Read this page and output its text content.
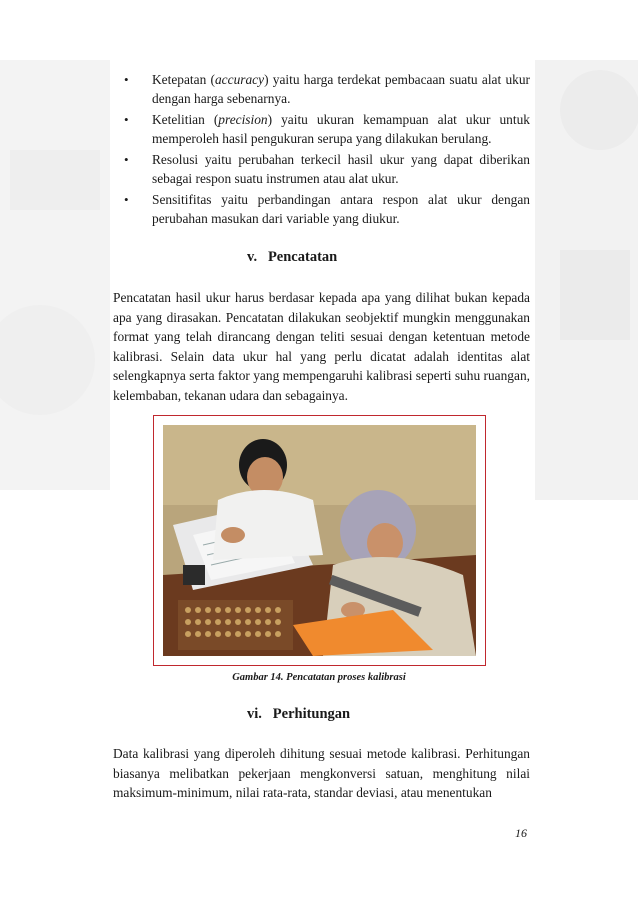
• Ketepatan (accuracy) yaitu harga terdekat pembacaan suatu alat ukur dengan harga sebenarnya.
• Ketelitian (precision) yaitu ukuran kemampuan alat ukur untuk memperoleh hasil pengukuran serupa yang dilakukan berulang.
• Resolusi yaitu perubahan terkecil hasil ukur yang dapat diberikan sebagai respon suatu instrumen atau alat ukur.
• Sensitifitas yaitu perbandingan antara respon alat ukur dengan perubahan masukan dari variable yang diukur.
v. Pencatatan

Pencatatan hasil ukur harus berdasar kepada apa yang dilihat bukan kepada apa yang dirasakan. Pencatatan dilakukan seobjektif mungkin menggunakan format yang telah dirancang dengan teliti sesuai dengan ketentuan metode kalibrasi. Selain data ukur hal yang perlu dicatat adalah identitas alat selengkapnya serta faktor yang mempengaruhi kalibrasi seperti suhu ruangan, kelembaban, tekanan udara dan sebagainya.

Gambar 14. Pencatatan proses kalibrasi
vi. Perhitungan

Data kalibrasi yang diperoleh dihitung sesuai metode kalibrasi. Perhitungan biasanya melibatkan pekerjaan mengkonversi satuan, menghitung nilai maksimum-minimum, nilai rata-rata, standar deviasi, atau menentukan

16
